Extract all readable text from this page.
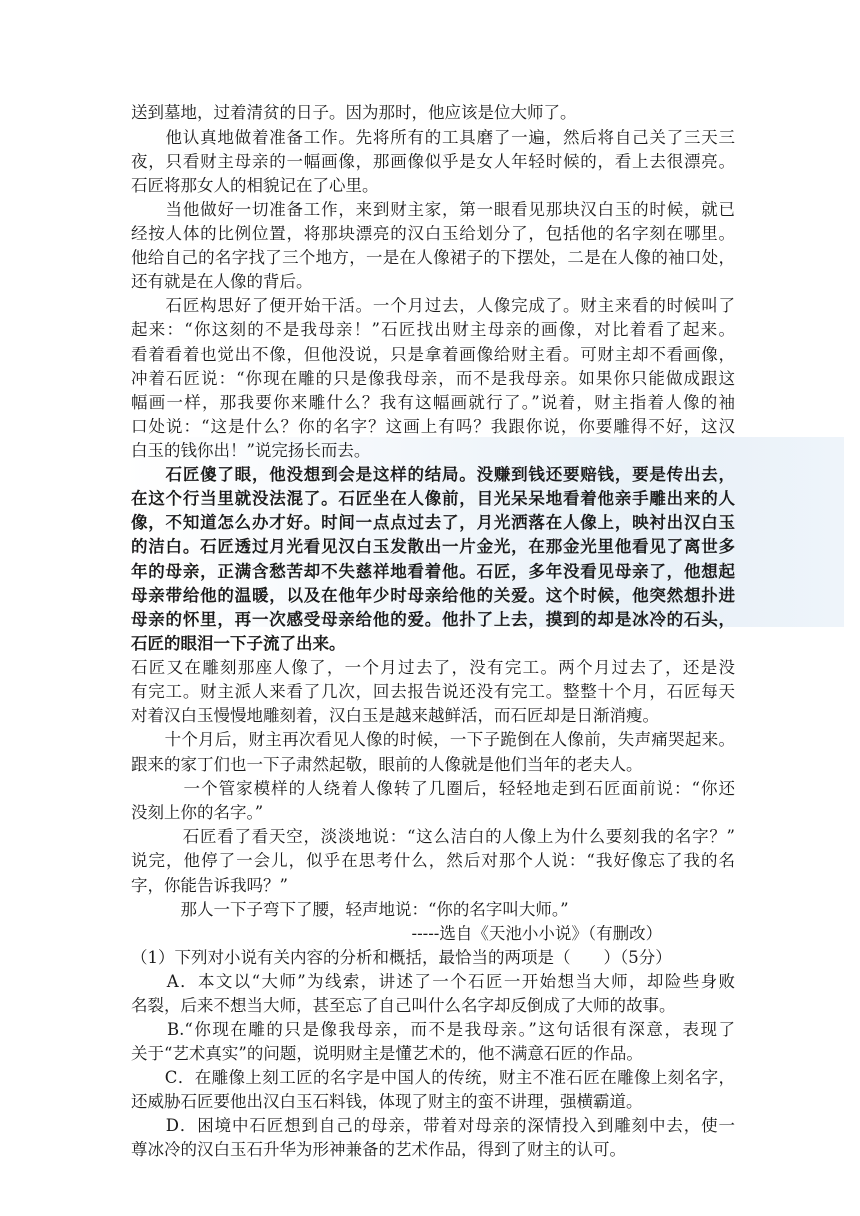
送到墓地，过着清贫的日子。因为那时，他应该是位大师了。
　　他认真地做着准备工作。先将所有的工具磨了一遍，然后将自己关了三天三
夜，只看财主母亲的一幅画像，那画像似乎是女人年轻时候的，看上去很漂亮。
石匠将那女人的相貌记在了心里。
　　当他做好一切准备工作，来到财主家，第一眼看见那块汉白玉的时候，就已
经按人体的比例位置，将那块漂亮的汉白玉给划分了，包括他的名字刻在哪里。
他给自己的名字找了三个地方，一是在人像裙子的下摆处，二是在人像的袖口处，
还有就是在人像的背后。
　　石匠构思好了便开始干活。一个月过去，人像完成了。财主来看的时候叫了
起来：“你这刻的不是我母亲！”石匠找出财主母亲的画像，对比着看了起来。
看着看着也觉出不像，但他没说，只是拿着画像给财主看。可财主却不看画像，
冲着石匠说：“你现在雕的只是像我母亲，而不是我母亲。如果你只能做成跟这
幅画一样，那我要你来雕什么？我有这幅画就行了。”说着，财主指着人像的袖
口处说：“这是什么？你的名字？这画上有吗？我跟你说，你要雕得不好，这汉
白玉的钱你出！”说完扬长而去。
　　石匠傻了眼，他没想到会是这样的结局。没赚到钱还要赔钱，要是传出去，
在这个行当里就没法混了。石匠坐在人像前，目光呆呆地看着他亲手雕出来的人
像，不知道怎么办才好。时间一点点过去了，月光洒落在人像上，映衬出汉白玉
的洁白。石匠透过月光看见汉白玉发散出一片金光，在那金光里他看见了离世多
年的母亲，正满含愁苦却不失慈祥地看着他。石匠，多年没看见母亲了，他想起
母亲带给他的温暖，以及在他年少时母亲给他的关爱。这个时候，他突然想扑进
母亲的怀里，再一次感受母亲给他的爱。他扑了上去，摸到的却是冰冷的石头，
石匠的眼泪一下子流了出来。
石匠又在雕刻那座人像了，一个月过去了，没有完工。两个月过去了，还是没
有完工。财主派人来看了几次，回去报告说还没有完工。整整十个月，石匠每天
对着汉白玉慢慢地雕刻着，汉白玉是越来越鲜活，而石匠却是日渐消瘦。
　　十个月后，财主再次看见人像的时候，一下子跪倒在人像前，失声痛哭起来。
跟来的家丁们也一下子肃然起敬，眼前的人像就是他们当年的老夫人。
　　　一个管家模样的人绕着人像转了几圈后，轻轻地走到石匠面前说：“你还
没刻上你的名字。”
　　　石匠看了看天空，淡淡地说：“这么洁白的人像上为什么要刻我的名字？”
说完，他停了一会儿，似乎在思考什么，然后对那个人说：“我好像忘了我的名
字，你能告诉我吗？”
　　　那人一下子弯下了腰，轻声地说：“你的名字叫大师。”
　　　　　　　　　　　　　　　　　-----选自《天池小小说》（有删改）
（1）下列对小说有关内容的分析和概括，最恰当的两项是（　　）（5分）
　　A．本文以“大师”为线索，讲述了一个石匠一开始想当大师，却险些身败
名裂，后来不想当大师，甚至忘了自己叫什么名字却反倒成了大师的故事。
　　B.“你现在雕的只是像我母亲，而不是我母亲。”这句话很有深意，表现了
关于“艺术真实”的问题，说明财主是懂艺术的，他不满意石匠的作品。
　　C．在雕像上刻工匠的名字是中国人的传统，财主不准石匠在雕像上刻名字，
还威胁石匠要他出汉白玉石料钱，体现了财主的蛮不讲理，强横霸道。
　　D．困境中石匠想到自己的母亲，带着对母亲的深情投入到雕刻中去，使一
尊冰冷的汉白玉石升华为形神兼备的艺术作品，得到了财主的认可。
